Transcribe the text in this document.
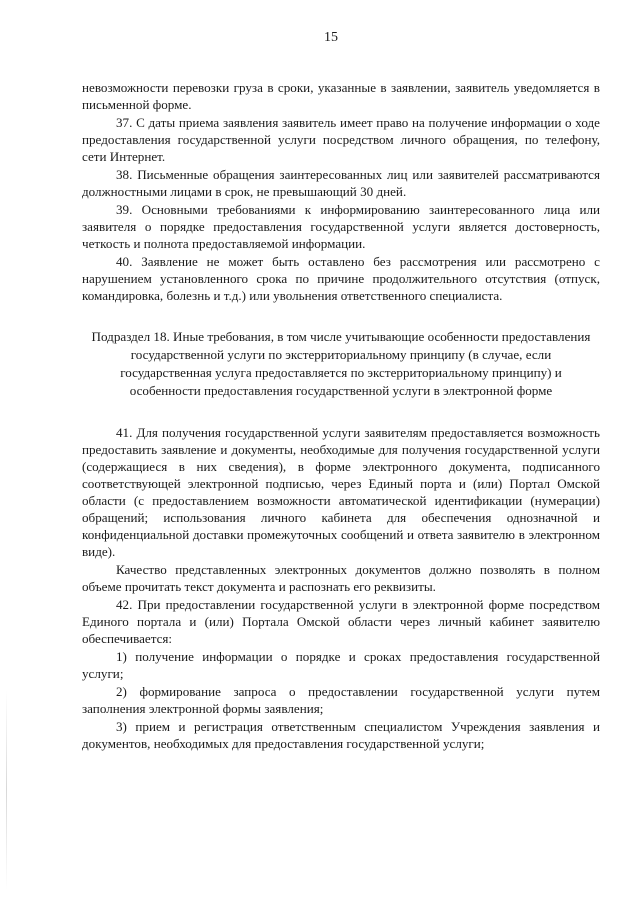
15

невозможности перевозки груза в сроки, указанные в заявлении, заявитель уведомляется в письменной форме.

37. С даты приема заявления заявитель имеет право на получение информации о ходе предоставления государственной услуги посредством личного обращения, по телефону, сети Интернет.

38. Письменные обращения заинтересованных лиц или заявителей рассматриваются должностными лицами в срок, не превышающий 30 дней.

39. Основными требованиями к информированию заинтересованного лица или заявителя о порядке предоставления государственной услуги является достоверность, четкость и полнота предоставляемой информации.

40. Заявление не может быть оставлено без рассмотрения или рассмотрено с нарушением установленного срока по причине продолжительного отсутствия (отпуск, командировка, болезнь и т.д.) или увольнения ответственного специалиста.

Подраздел 18. Иные требования, в том числе учитывающие особенности предоставления государственной услуги по экстерриториальному принципу (в случае, если государственная услуга предоставляется по экстерриториальному принципу) и особенности предоставления государственной услуги в электронной форме

41. Для получения государственной услуги заявителям предоставляется возможность предоставить заявление и документы, необходимые для получения государственной услуги (содержащиеся в них сведения), в форме электронного документа, подписанного соответствующей электронной подписью, через Единый порта и (или) Портал Омской области (с предоставлением возможности автоматической идентификации (нумерации) обращений; использования личного кабинета для обеспечения однозначной и конфиденциальной доставки промежуточных сообщений и ответа заявителю в электронном виде).

Качество представленных электронных документов должно позволять в полном объеме прочитать текст документа и распознать его реквизиты.

42. При предоставлении государственной услуги в электронной форме посредством Единого портала и (или) Портала Омской области через личный кабинет заявителю обеспечивается:

1) получение информации о порядке и сроках предоставления государственной услуги;

2) формирование запроса о предоставлении государственной услуги путем заполнения электронной формы заявления;

3) прием и регистрация ответственным специалистом Учреждения заявления и документов, необходимых для предоставления государственной услуги;
